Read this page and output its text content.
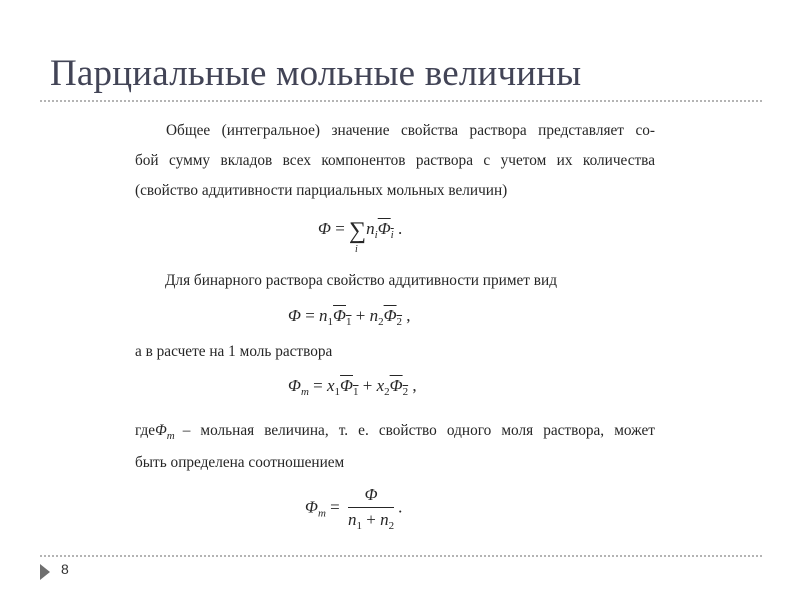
Парциальные мольные величины
Общее (интегральное) значение свойства раствора представляет со-
бой сумму вкладов всех компонентов раствора с учетом их количества
(свойство аддитивности парциальных мольных величин)
Φ = ∑
i
$n_i\Phi_i$ .
Для бинарного раствора свойство аддитивности примет вид
$\Phi = n_1\Phi_1 + n_2\Phi_2$ ,
а в расчете на 1 моль раствора
$\Phi_m = x_1\Phi_1 + x_2\Phi_2$ ,
где $\Phi_m$ – мольная величина, т. е. свойство одного моля раствора, может
быть определена соотношением
$\Phi_m = \frac{\Phi}{n_1 + n_2}$ .
8
